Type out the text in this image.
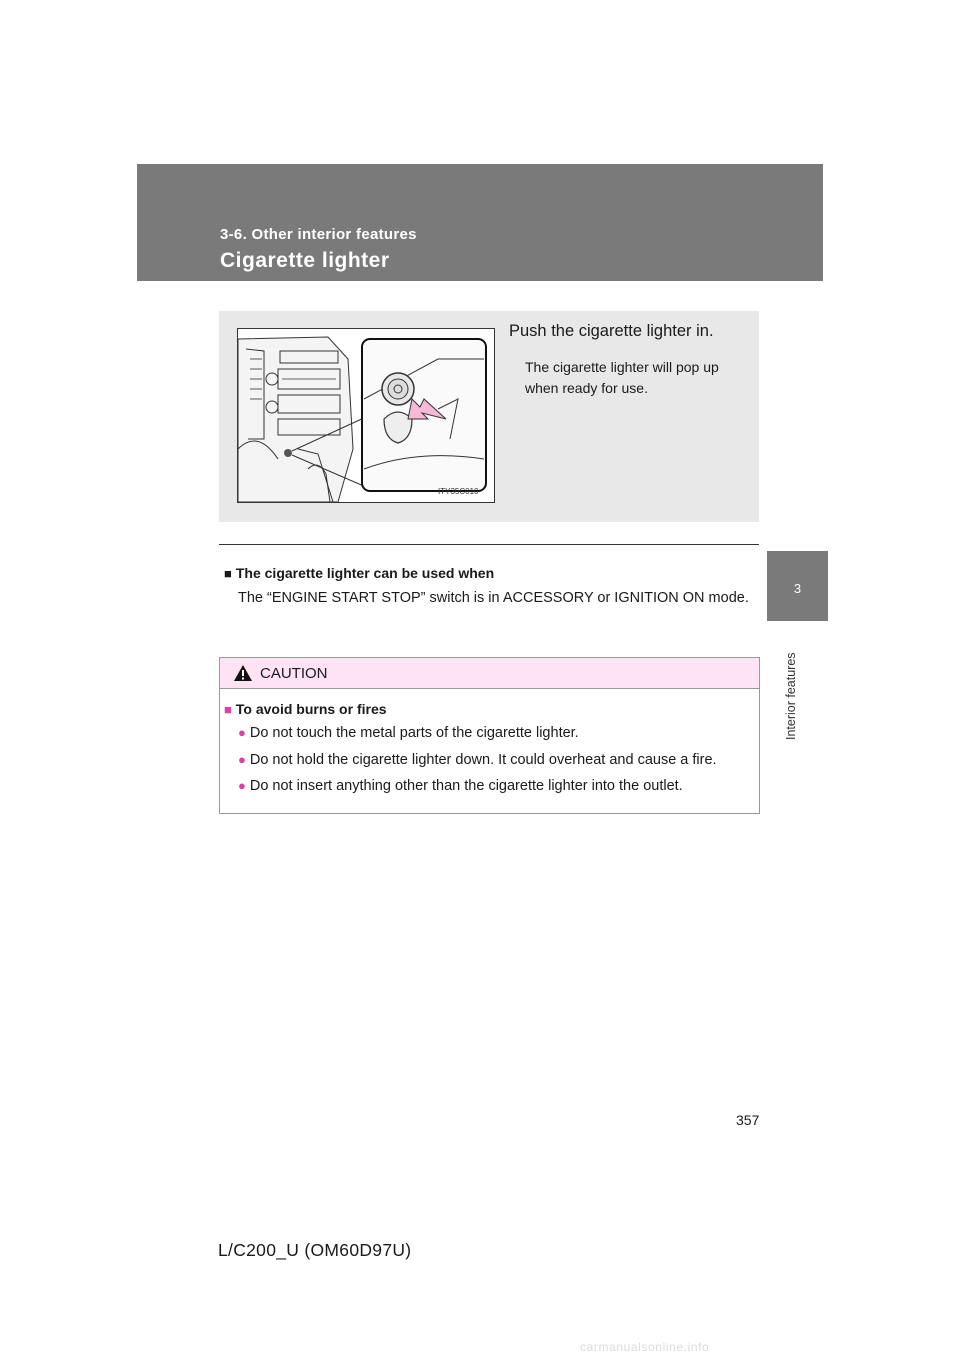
3-6. Other interior features
Cigarette lighter
3
Interior features
ITY35C010
Push the cigarette lighter in.
The cigarette lighter will pop up when ready for use.
■ The cigarette lighter can be used when
The “ENGINE START STOP” switch is in ACCESSORY or IGNITION ON mode.
CAUTION
■ To avoid burns or fires
● Do not touch the metal parts of the cigarette lighter.
● Do not hold the cigarette lighter down. It could overheat and cause a fire.
● Do not insert anything other than the cigarette lighter into the outlet.
357
L/C200_U (OM60D97U)
carmanualsonline.info
